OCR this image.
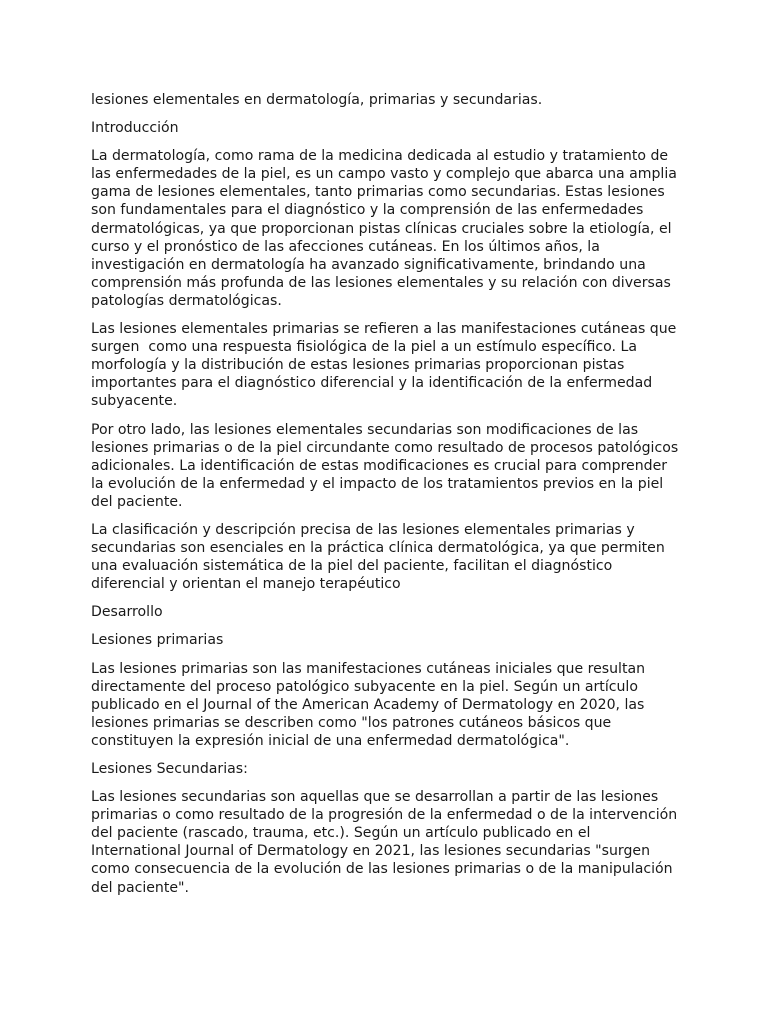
lesiones elementales en dermatología, primarias y secundarias.

Introducción

La dermatología, como rama de la medicina dedicada al estudio y tratamiento de las enfermedades de la piel, es un campo vasto y complejo que abarca una amplia gama de lesiones elementales, tanto primarias como secundarias. Estas lesiones son fundamentales para el diagnóstico y la comprensión de las enfermedades dermatológicas, ya que proporcionan pistas clínicas cruciales sobre la etiología, el curso y el pronóstico de las afecciones cutáneas. En los últimos años, la investigación en dermatología ha avanzado significativamente, brindando una comprensión más profunda de las lesiones elementales y su relación con diversas patologías dermatológicas.

Las lesiones elementales primarias se refieren a las manifestaciones cutáneas que surgen  como una respuesta fisiológica de la piel a un estímulo específico. La morfología y la distribución de estas lesiones primarias proporcionan pistas importantes para el diagnóstico diferencial y la identificación de la enfermedad subyacente.

Por otro lado, las lesiones elementales secundarias son modificaciones de las lesiones primarias o de la piel circundante como resultado de procesos patológicos adicionales. La identificación de estas modificaciones es crucial para comprender la evolución de la enfermedad y el impacto de los tratamientos previos en la piel del paciente.

La clasificación y descripción precisa de las lesiones elementales primarias y secundarias son esenciales en la práctica clínica dermatológica, ya que permiten una evaluación sistemática de la piel del paciente, facilitan el diagnóstico diferencial y orientan el manejo terapéutico

Desarrollo

Lesiones primarias

Las lesiones primarias son las manifestaciones cutáneas iniciales que resultan directamente del proceso patológico subyacente en la piel. Según un artículo publicado en el Journal of the American Academy of Dermatology en 2020, las lesiones primarias se describen como "los patrones cutáneos básicos que constituyen la expresión inicial de una enfermedad dermatológica".

Lesiones Secundarias:

Las lesiones secundarias son aquellas que se desarrollan a partir de las lesiones primarias o como resultado de la progresión de la enfermedad o de la intervención del paciente (rascado, trauma, etc.). Según un artículo publicado en el International Journal of Dermatology en 2021, las lesiones secundarias "surgen como consecuencia de la evolución de las lesiones primarias o de la manipulación del paciente".
